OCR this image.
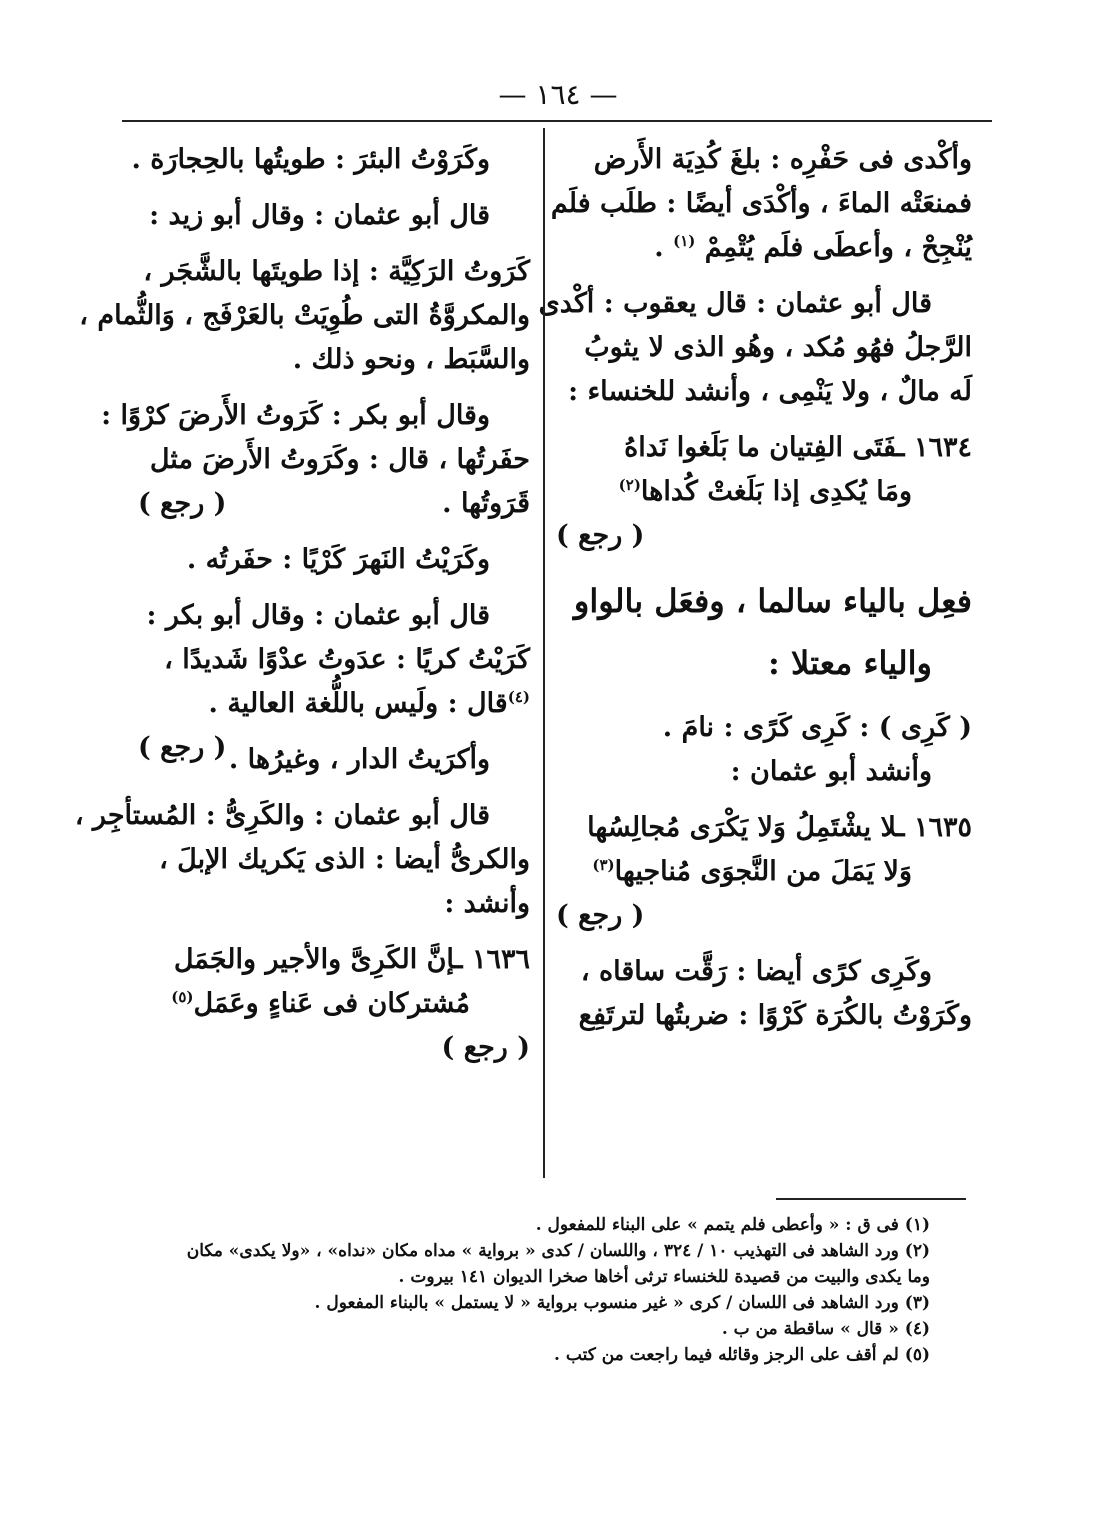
— ١٦٤ —
وأكْدى فى حَفْرِه : بلغَ كُدِيَة الأَرض
فمنعَتْه الماءَ ، وأكْدَى أيضًا : طلَب فلَم
يُنْجِحْ ، وأعطَى فلَم يُتْمِمْ $^{(١)}$ .
قال أبو عثمان : قال يعقوب : أكْدى
الرَّجلُ فهُو مُكد ، وهُو الذى لا يثوبُ
لَه مالٌ ، ولا يَنْمِى ، وأنشد للخنساء :
١٦٣٤ ـفَتَى الفِتيان ما بَلَغوا نَداهُ
ومَا يُكدِى إذا بَلَغتْ كُداها$^{(٢)}$
( رجع )
فعِل بالياء سالما ، وفعَل بالواو
والياء معتلا :
( كَرِى ) : كَرِى كَرًى : نامَ .
وأنشد أبو عثمان :
١٦٣٥ ـلا يشْتَمِلُ وَلا يَكْرَى مُجالِسُها
وَلا يَمَلَ من النَّجوَى مُناجيها$^{(٣)}$
( رجع )
وكَرِى كرًى أيضا : رَقَّت ساقاه ،
وكَرَوْتُ بالكُرَة كَرْوًا : ضربتُها لترتَفِع
وكَرَوْتُ البئرَ : طويتُها بالحِجارَة .
قال أبو عثمان : وقال أبو زيد :
كَرَوتُ الرَكِيَّة : إذا طويتَها بالشَّجَر ،
والمكروَّةُ التى طُوِيَتْ بالعَرْفَج ، وَالثُّمام ،
والسَّبَط ، ونحو ذلك .
وقال أبو بكر : كَرَوتُ الأَرضَ كرْوًا :
حفَرتُها ، قال : وكَرَوتُ الأَرضَ مثل
قَرَوتُها .
( رجع )
وكَرَيْتُ النَهرَ كَرْيًا : حفَرتُه .
قال أبو عثمان : وقال أبو بكر :
كَرَيْتُ كريًا : عدَوتُ عدْوًا شَديدًا ،
$^{(٤)}$قال : ولَيس باللُّغة العالية .
( رجع ) وأكرَيتُ الدار ، وغيرُها .
قال أبو عثمان : والكَرِىُّ : المُستأجِر ،
والكرىُّ أيضا : الذى يَكريك الإبلَ ،
وأنشد :
١٦٣٦ ـإنَّ الكَرِىَّ والأجير والجَمَل
مُشتركان فى عَناءٍ وعَمَل$^{(٥)}$
( رجع )
(١) فى ق : « وأعطى فلم يتمم » على البناء للمفعول .
(٢) ورد الشاهد فى التهذيب ١٠ / ٣٢٤ ، واللسان / كدى « برواية » مداه مكان «نداه» ، «ولا يكدى» مكان
وما يكدى والبيت من قصيدة للخنساء ترثى أخاها صخرا الديوان ١٤١ بيروت .
(٣) ورد الشاهد فى اللسان / كرى « غير منسوب برواية « لا يستمل » بالبناء المفعول .
(٤) « قال » ساقطة من ب .
(٥) لم أقف على الرجز وقائله فيما راجعت من كتب .
